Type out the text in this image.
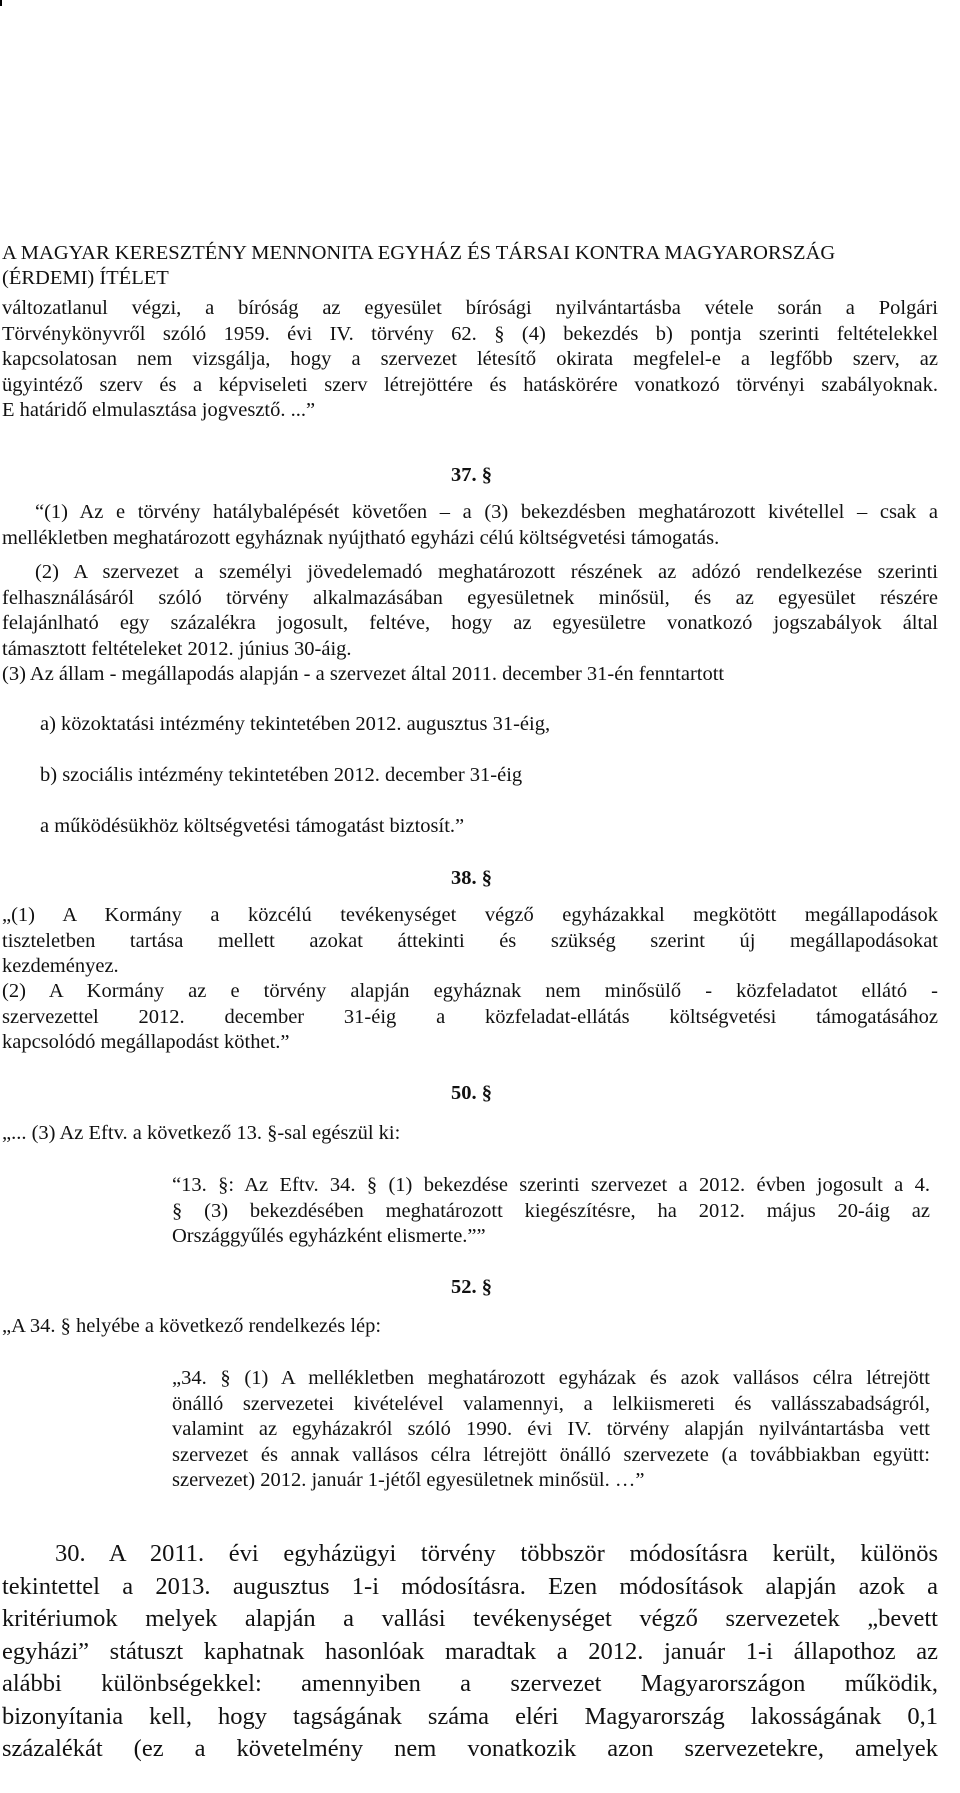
A MAGYAR KERESZTÉNY MENNONITA EGYHÁZ ÉS TÁRSAI KONTRA MAGYARORSZÁG
(ÉRDEMI) ÍTÉLET

változatlanul végzi, a bíróság az egyesület bírósági nyilvántartásba vétele során a Polgári

Törvénykönyvről szóló 1959. évi IV. törvény 62. § (4) bekezdés b) pontja szerinti feltételekkel

kapcsolatosan nem vizsgálja, hogy a szervezet létesítő okirata megfelel-e a legfőbb szerv, az

ügyintéző szerv és a képviseleti szerv létrejöttére és hatáskörére vonatkozó törvényi szabályoknak.

E határidő elmulasztása jogvesztő. ...”

37. §

“(1) Az e törvény hatálybalépését követően – a (3) bekezdésben meghatározott kivétellel – csak a

mellékletben meghatározott egyháznak nyújtható egyházi célú költségvetési támogatás.

(2) A szervezet a személyi jövedelemadó meghatározott részének az adózó rendelkezése szerinti

felhasználásáról szóló törvény alkalmazásában egyesületnek minősül, és az egyesület részére

felajánlható egy százalékra jogosult, feltéve, hogy az egyesületre vonatkozó jogszabályok által

támasztott feltételeket 2012. június 30-áig.

(3) Az állam - megállapodás alapján - a szervezet által 2011. december 31-én fenntartott
a) közoktatási intézmény tekintetében 2012. augusztus 31-éig,
b) szociális intézmény tekintetében 2012. december 31-éig
a működésükhöz költségvetési támogatást biztosít.”
38. §

„(1) A Kormány a közcélú tevékenységet végző egyházakkal megkötött megállapodások

tiszteletben tartása mellett azokat áttekinti és szükség szerint új megállapodásokat

kezdeményez.

(2) A Kormány az e törvény alapján egyháznak nem minősülő - közfeladatot ellátó -

szervezettel 2012. december 31-éig a közfeladat-ellátás költségvetési támogatásához

kapcsolódó megállapodást köthet.”

50. §
„... (3) Az Eftv. a következő 13. §-sal egészül ki:

“13. §: Az Eftv. 34. § (1) bekezdése szerinti szervezet a 2012. évben jogosult a 4.

§ (3) bekezdésében meghatározott kiegészítésre, ha 2012. május 20-áig az

Országgyűlés egyházként elismerte.””

52. §
„A 34. § helyébe a következő rendelkezés lép:

„34. § (1) A mellékletben meghatározott egyházak és azok vallásos célra létrejött

önálló szervezetei kivételével valamennyi, a lelkiismereti és vallásszabadságról,

valamint az egyházakról szóló 1990. évi IV. törvény alapján nyilvántartásba vett

szervezet és annak vallásos célra létrejött önálló szervezete (a továbbiakban együtt:

szervezet) 2012. január 1-jétől egyesületnek minősül. …”

30. A 2011. évi egyházügyi törvény többször módosításra került, különös

tekintettel a 2013. augusztus 1-i módosításra. Ezen módosítások alapján azok a

kritériumok melyek alapján a vallási tevékenységet végző szervezetek „bevett

egyházi” státuszt kaphatnak hasonlóak maradtak a 2012. január 1-i állapothoz az

alábbi különbségekkel: amennyiben a szervezet Magyarországon működik,

bizonyítania kell, hogy tagságának száma eléri Magyarország lakosságának 0,1

százalékát (ez a követelmény nem vonatkozik azon szervezetekre, amelyek
